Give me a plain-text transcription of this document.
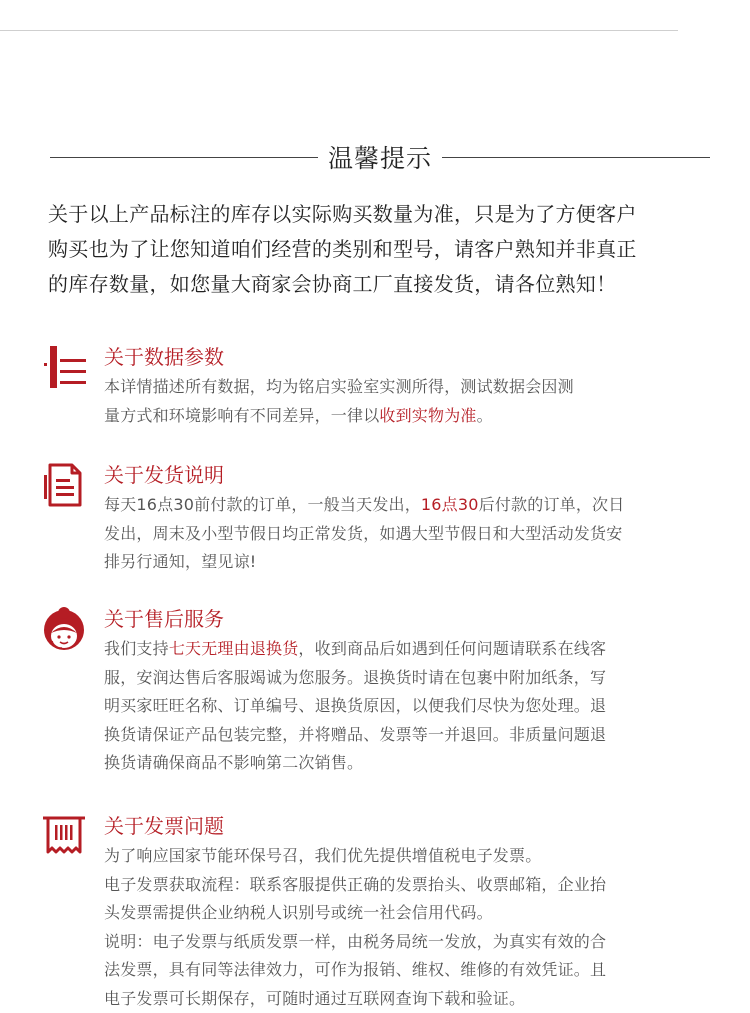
温馨提示

关于以上产品标注的库存以实际购买数量为准，只是为了方便客户

购买也为了让您知道咱们经营的类别和型号，请客户熟知并非真正

的库存数量，如您量大商家会协商工厂直接发货，请各位熟知！

关于数据参数

本详情描述所有数据，均为铭启实验室实测所得，测试数据会因测

量方式和环境影响有不同差异，一律以收到实物为准。

关于发货说明

每天16点30前付款的订单，一般当天发出，16点30后付款的订单，次日

发出，周末及小型节假日均正常发货，如遇大型节假日和大型活动发货安

排另行通知，望见谅!

关于售后服务

我们支持七天无理由退换货，收到商品后如遇到任何问题请联系在线客

服，安润达售后客服竭诚为您服务。退换货时请在包裹中附加纸条，写

明买家旺旺名称、订单编号、退换货原因，以便我们尽快为您处理。退

换货请保证产品包装完整，并将赠品、发票等一并退回。非质量问题退

换货请确保商品不影响第二次销售。

关于发票问题

为了响应国家节能环保号召，我们优先提供增值税电子发票。

电子发票获取流程：联系客服提供正确的发票抬头、收票邮箱，企业抬

头发票需提供企业纳税人识别号或统一社会信用代码。

说明：电子发票与纸质发票一样，由税务局统一发放，为真实有效的合

法发票，具有同等法律效力，可作为报销、维权、维修的有效凭证。且

电子发票可长期保存，可随时通过互联网查询下载和验证。
